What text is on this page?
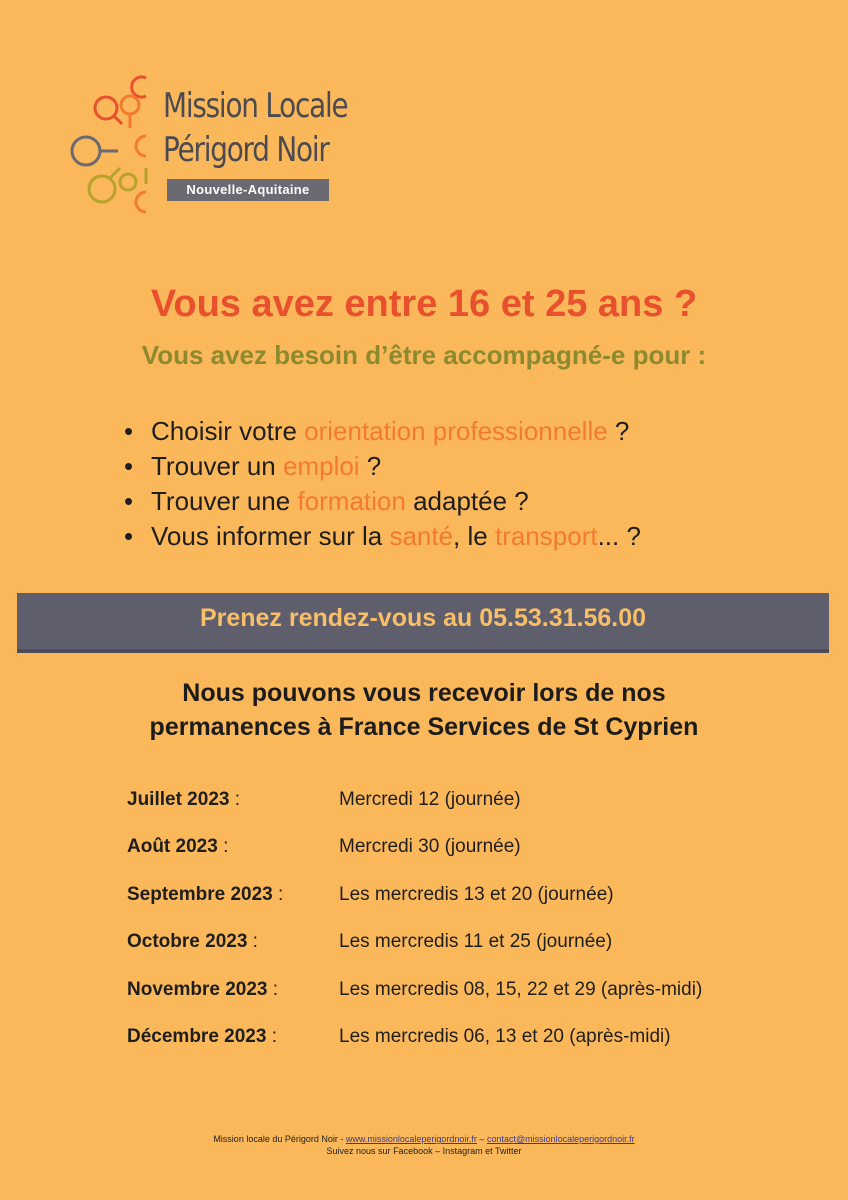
Mission Locale
Périgord Noir
Nouvelle-Aquitaine
Vous avez entre 16 et 25 ans ?
Vous avez besoin d’être accompagné-e pour :
• Choisir votre orientation professionnelle ?
• Trouver un emploi ?
• Trouver une formation adaptée ?
• Vous informer sur la santé, le transport... ?
Prenez rendez-vous au 05.53.31.56.00
Nous pouvons vous recevoir lors de nos
permanences à France Services de St Cyprien
Juillet 2023 :	Mercredi 12 (journée)
Août 2023 :	Mercredi 30 (journée)
Septembre 2023 :	Les mercredis 13 et 20 (journée)
Octobre 2023 :	Les mercredis 11 et 25 (journée)
Novembre 2023 :	Les mercredis 08, 15, 22 et 29 (après-midi)
Décembre 2023 :	Les mercredis 06, 13 et 20 (après-midi)
Mission locale du Périgord Noir - www.missionlocaleperigordnoir.fr – contact@missionlocaleperigordnoir.fr
Suivez nous sur Facebook – Instagram et Twitter
